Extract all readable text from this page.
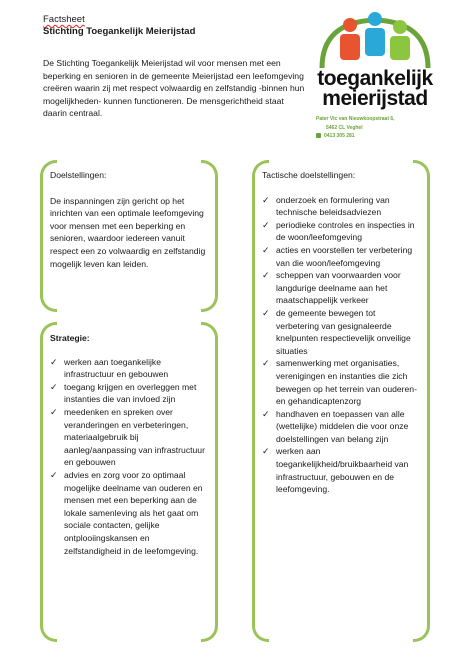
Factsheet
Stichting Toegankelijk Meierijstad
De Stichting Toegankelijk Meierijstad wil voor mensen met een beperking en senioren in de gemeente Meierijstad een leefomgeving creëren waarin zij met respect volwaardig en zelfstandig -binnen hun mogelijkheden- kunnen functioneren. De mensgerichtheid staat daarin centraal.
toegankelijk
meierijstad
Pater Vic van Nieuwkoopstraat 6,
5462 CL Veghel
0413 305 281
Doelstellingen:
De inspanningen zijn gericht op het inrichten van een optimale leefomgeving voor mensen met een beperking en senioren, waardoor iedereen vanuit respect een zo volwaardig en zelfstandig mogelijk leven kan leiden.
Strategie:
✓ werken aan toegankelijke infrastructuur en gebouwen
✓ toegang krijgen en overleggen met instanties die van invloed zijn
✓ meedenken en spreken over veranderingen en verbeteringen, materiaalgebruik bij aanleg/aanpassing van infrastructuur en gebouwen
✓ advies en zorg voor zo optimaal mogelijke deelname van ouderen en mensen met een beperking aan de lokale samenleving als het gaat om sociale contacten, gelijke ontplooiingskansen en zelfstandigheid in de leefomgeving.
Tactische doelstellingen:
✓ onderzoek en formulering van technische beleidsadviezen
✓ periodieke controles en inspecties in de woon/leefomgeving
✓ acties en voorstellen ter verbetering van die woon/leefomgeving
✓ scheppen van voorwaarden voor langdurige deelname aan het maatschappelijk verkeer
✓ de gemeente bewegen tot verbetering van gesignaleerde knelpunten respectievelijk onveilige situaties
✓ samenwerking met organisaties, verenigingen en instanties die zich bewegen op het terrein van ouderen- en gehandicaptenzorg
✓ handhaven en toepassen van alle (wettelijke) middelen die voor onze doelstellingen van belang zijn
✓ werken aan toegankelijkheid/bruikbaarheid van infrastructuur, gebouwen en de leefomgeving.
